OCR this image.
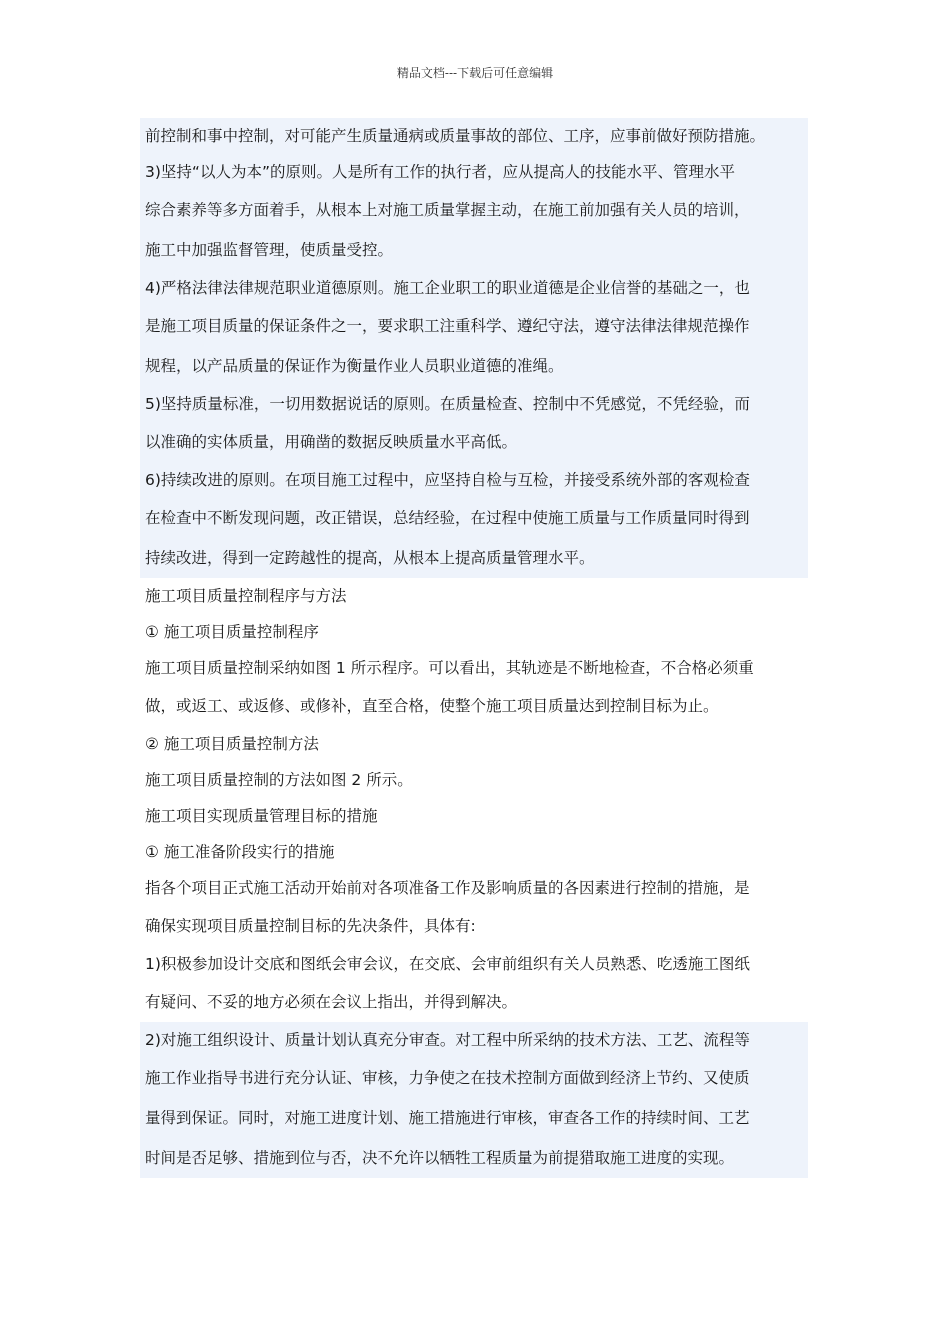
精品文档---下载后可任意编辑
前控制和事中控制，对可能产生质量通病或质量事故的部位、工序，应事前做好预防措施。
3)坚持“以人为本”的原则。人是所有工作的执行者，应从提高人的技能水平、管理水平
综合素养等多方面着手，从根本上对施工质量掌握主动，在施工前加强有关人员的培训，
施工中加强监督管理，使质量受控。
4)严格法律法律规范职业道德原则。施工企业职工的职业道德是企业信誉的基础之一，也
是施工项目质量的保证条件之一，要求职工注重科学、遵纪守法，遵守法律法律规范操作
规程，以产品质量的保证作为衡量作业人员职业道德的准绳。
5)坚持质量标准，一切用数据说话的原则。在质量检查、控制中不凭感觉，不凭经验，而
以准确的实体质量，用确凿的数据反映质量水平高低。
6)持续改进的原则。在项目施工过程中，应坚持自检与互检，并接受系统外部的客观检查
在检查中不断发现问题，改正错误，总结经验，在过程中使施工质量与工作质量同时得到
持续改进，得到一定跨越性的提高，从根本上提高质量管理水平。
施工项目质量控制程序与方法
① 施工项目质量控制程序
施工项目质量控制采纳如图 1 所示程序。可以看出，其轨迹是不断地检查，不合格必须重
做，或返工、或返修、或修补，直至合格，使整个施工项目质量达到控制目标为止。
② 施工项目质量控制方法
施工项目质量控制的方法如图 2 所示。
施工项目实现质量管理目标的措施
① 施工准备阶段实行的措施
指各个项目正式施工活动开始前对各项准备工作及影响质量的各因素进行控制的措施，是
确保实现项目质量控制目标的先决条件，具体有:
1)积极参加设计交底和图纸会审会议，在交底、会审前组织有关人员熟悉、吃透施工图纸
有疑问、不妥的地方必须在会议上指出，并得到解决。
2)对施工组织设计、质量计划认真充分审查。对工程中所采纳的技术方法、工艺、流程等
施工作业指导书进行充分认证、审核，力争使之在技术控制方面做到经济上节约、又使质
量得到保证。同时，对施工进度计划、施工措施进行审核，审查各工作的持续时间、工艺
时间是否足够、措施到位与否，决不允许以牺牲工程质量为前提猎取施工进度的实现。
